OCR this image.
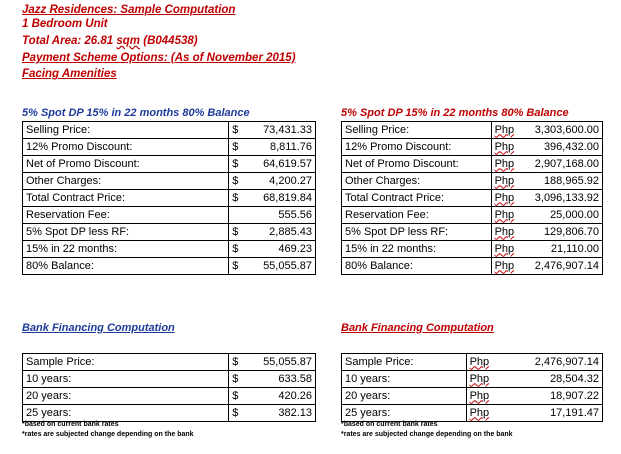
Jazz Residences: Sample Computation
1 Bedroom Unit
Total Area: 26.81 sqm (B044538)
Payment Scheme Options: (As of November 2015)
Facing Amenities
5% Spot DP 15% in 22 months 80% Balance	5% Spot DP 15% in 22 months 80% Balance
Selling Price:	$ 73,431.33

12% Promo Discount:	$ 8,811.76

Net of Promo Discount:	$ 64,619.57

Other Charges:	$ 4,200.27

Total Contract Price:	$ 68,819.84

Reservation Fee:	555.56

5% Spot DP less RF:	$ 2,885.43

15% in 22 months:	$ 469.23

80% Balance:	$ 55,055.87
Selling Price:	Php 3,303,600.00

12% Promo Discount:	Php 396,432.00

Net of Promo Discount:	Php 2,907,168.00

Other Charges:	Php 188,965.92

Total Contract Price:	Php 3,096,133.92

Reservation Fee:	Php 25,000.00

5% Spot DP less RF:	Php 129,806.70

15% in 22 months:	Php 21,110.00

80% Balance:	Php 2,476,907.14
Bank Financing Computation	Bank Financing Computation
Sample Price:	$ 55,055.87

10 years:	$ 633.58

20 years:	$ 420.26

25 years:	$ 382.13
Sample Price:	Php 2,476,907.14

10 years:	Php 28,504.32

20 years:	Php 18,907.22

25 years:	Php 17,191.47
*based on current bank rates
*rates are subjected change depending on the bank
*based on current bank rates
*rates are subjected change depending on the bank
